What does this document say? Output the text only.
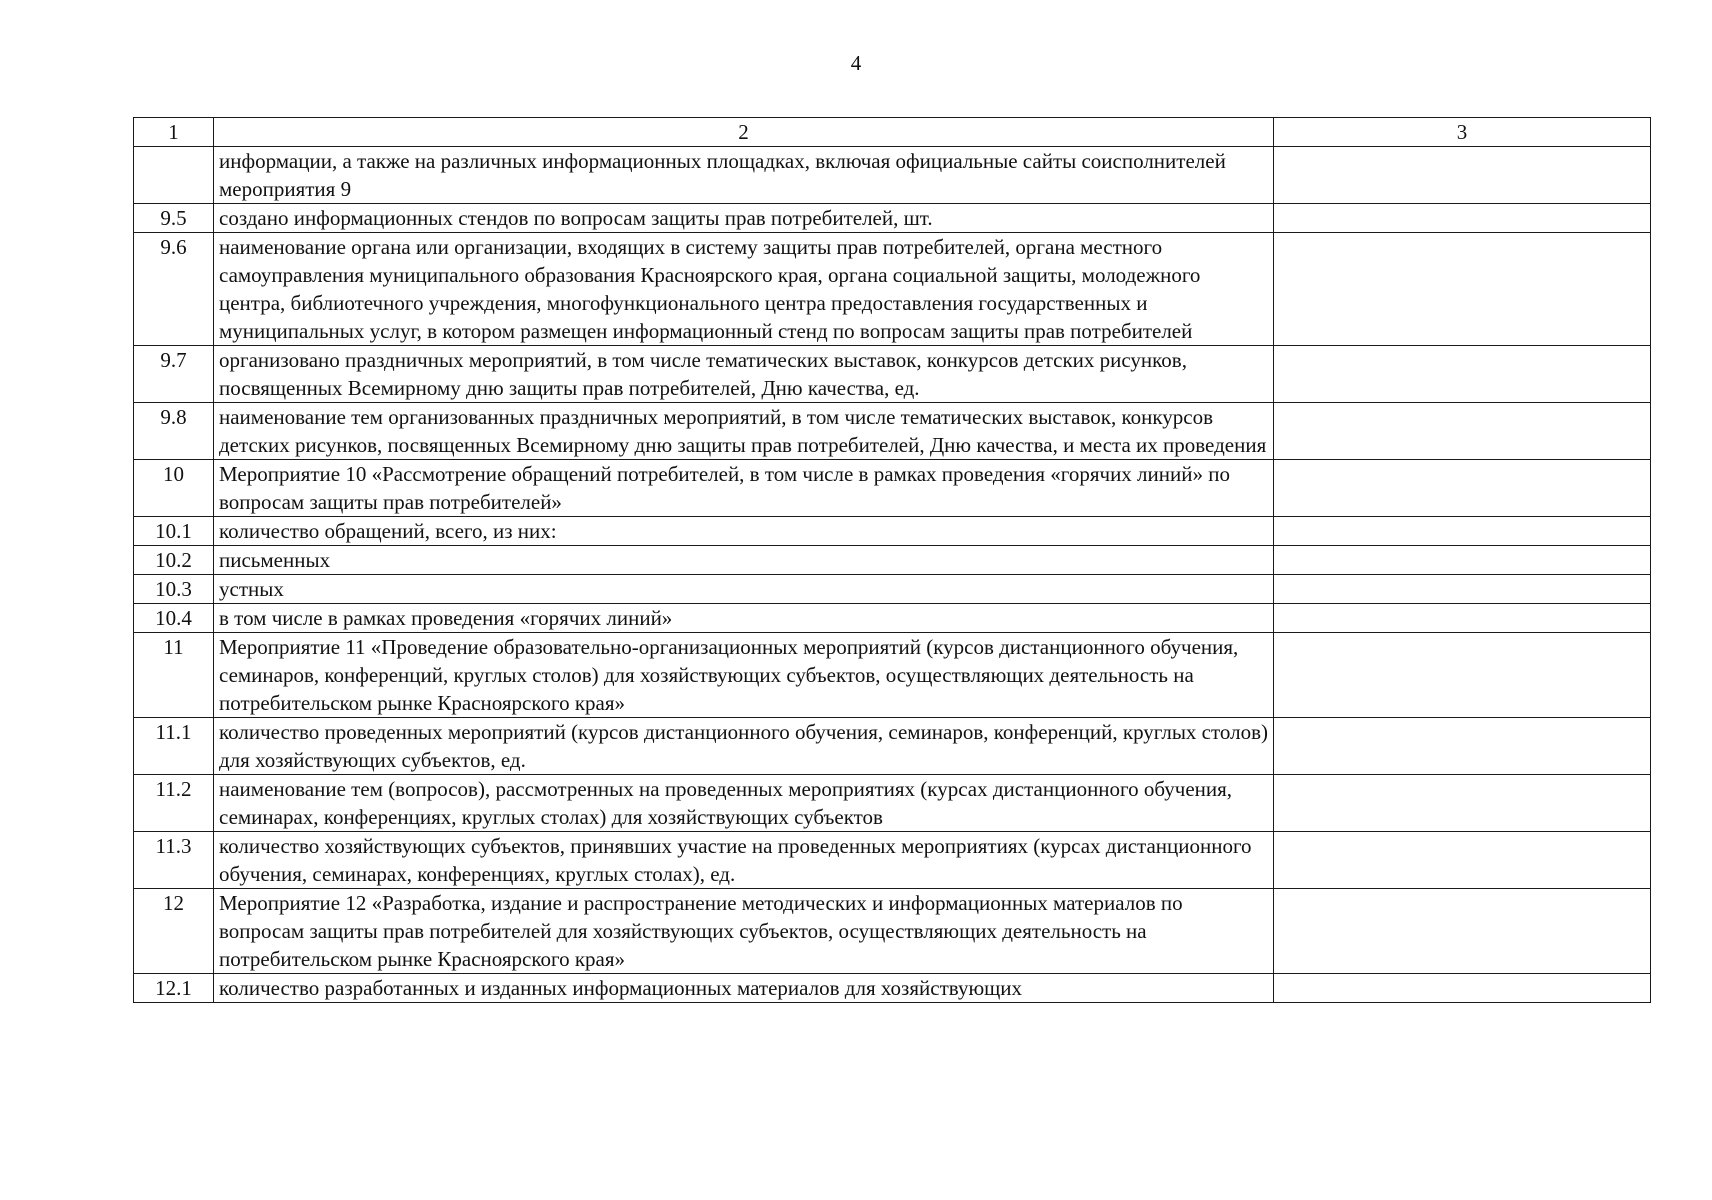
4
1	2	3
	информации, а также на различных информационных площадках, включая официальные сайты соисполнителей мероприятия 9	
9.5	создано информационных стендов по вопросам защиты прав потребителей, шт.	
9.6	наименование органа или организации, входящих в систему защиты прав потребителей, органа местного самоуправления муниципального образования Красноярского края, органа социальной защиты, молодежного центра, библиотечного учреждения, многофункционального центра предоставления государственных и муниципальных услуг, в котором размещен информационный стенд по вопросам защиты прав потребителей	
9.7	организовано праздничных мероприятий, в том числе тематических выставок, конкурсов детских рисунков, посвященных Всемирному дню защиты прав потребителей, Дню качества, ед.	
9.8	наименование тем организованных праздничных мероприятий, в том числе тематических выставок, конкурсов детских рисунков, посвященных Всемирному дню защиты прав потребителей, Дню качества, и места их проведения	
10	Мероприятие 10 «Рассмотрение обращений потребителей, в том числе в рамках проведения «горячих линий» по вопросам защиты прав потребителей»	
10.1	количество обращений, всего, из них:	
10.2	письменных	
10.3	устных	
10.4	в том числе в рамках проведения «горячих линий»	
11	Мероприятие 11 «Проведение образовательно-организационных мероприятий (курсов дистанционного обучения, семинаров, конференций, круглых столов) для хозяйствующих субъектов, осуществляющих деятельность на потребительском рынке Красноярского края»	
11.1	количество проведенных мероприятий (курсов дистанционного обучения, семинаров, конференций, круглых столов) для хозяйствующих субъектов, ед.	
11.2	наименование тем (вопросов), рассмотренных на проведенных мероприятиях (курсах дистанционного обучения, семинарах, конференциях, круглых столах) для хозяйствующих субъектов	
11.3	количество хозяйствующих субъектов, принявших участие на проведенных мероприятиях (курсах дистанционного обучения, семинарах, конференциях, круглых столах), ед.	
12	Мероприятие 12 «Разработка, издание и распространение методических и информационных материалов по вопросам защиты прав потребителей для хозяйствующих субъектов, осуществляющих деятельность на потребительском рынке Красноярского края»	
12.1	количество разработанных и изданных информационных материалов для хозяйствующих	
